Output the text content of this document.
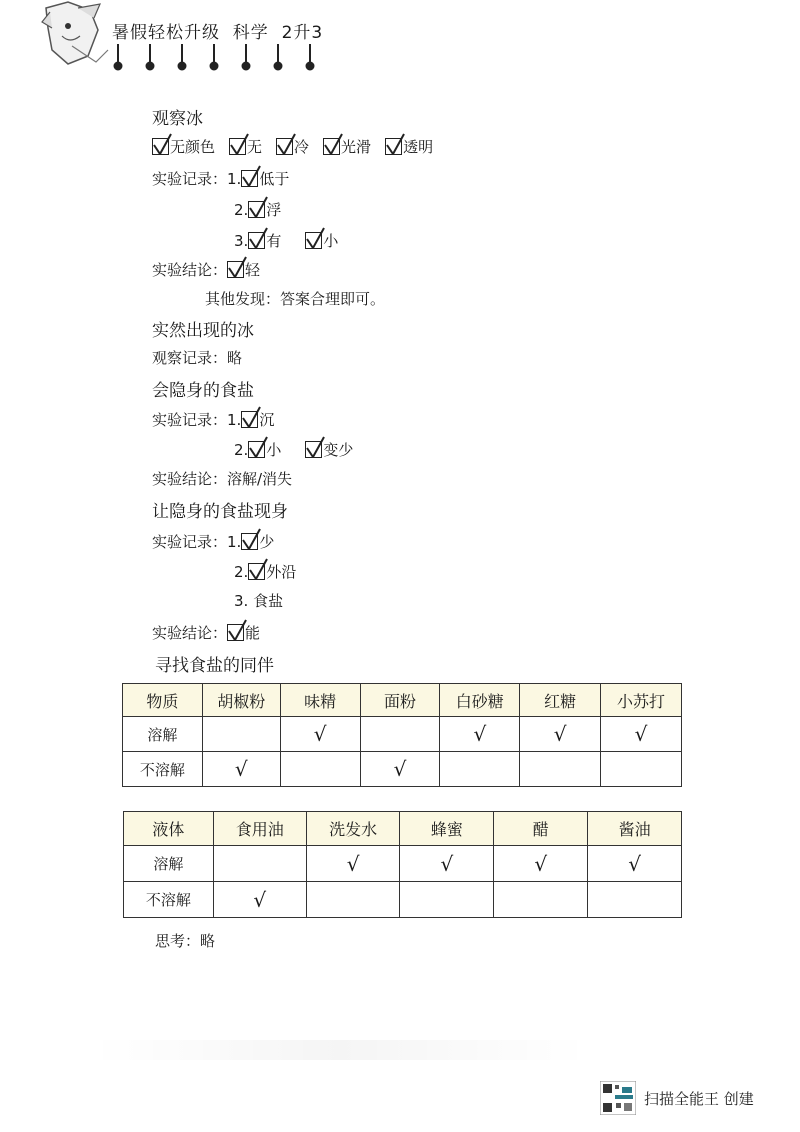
暑假轻松升级  科学  2升3
观察冰
无颜色 无 冷 光滑 透明
实验记录： 1. 低于
2. 浮
3. 有	小
实验结论： 轻
其他发现：答案合理即可。
实然出现的冰
观察记录：略
会隐身的食盐
实验记录： 1. 沉
2. 小	变少
实验结论：溶解/消失
让隐身的食盐现身
实验记录： 1. 少
2. 外沿
3. 食盐
实验结论： 能
寻找食盐的同伴
物质	胡椒粉	味精	面粉	白砂糖	红糖	小苏打
溶解		√		√	√	√
不溶解	√		√			
液体	食用油	洗发水	蜂蜜	醋	酱油
溶解		√	√	√	√
不溶解	√				
思考：略
扫描全能王 创建
